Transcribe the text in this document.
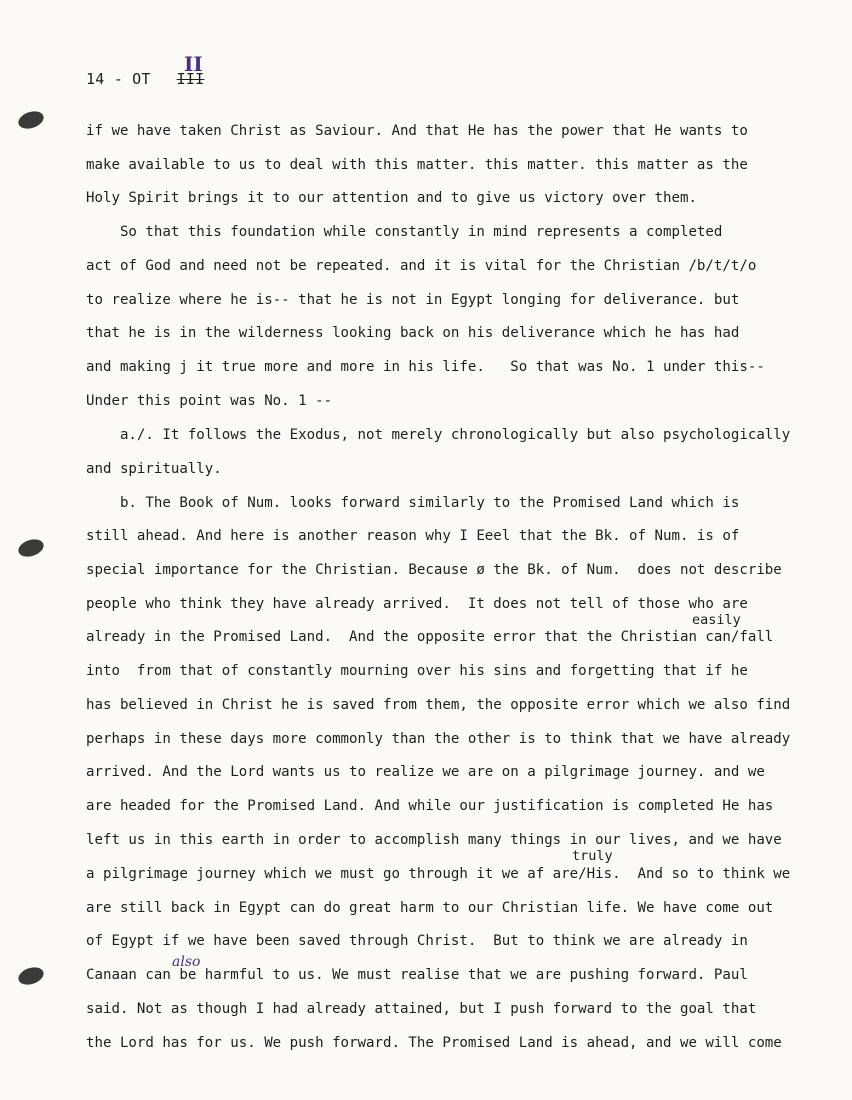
14 - OT III
II
if we have taken Christ as Saviour. And that He has the power that He wants to
make available to us to deal with this matter. this matter. this matter as the
Holy Spirit brings it to our attention and to give us victory over them.
So that this foundation while constantly in mind represents a completed
act of God and need not be repeated. and it is vital for the Christian /b/t/t/o
to realize where he is-- that he is not in Egypt longing for deliverance. but
that he is in the wilderness looking back on his deliverance which he has had
and making j it true more and more in his life.   So that was No. 1 under this--
Under this point was No. 1 --
a./. It follows the Exodus, not merely chronologically but also psychologically
and spiritually.
b. The Book of Num. looks forward similarly to the Promised Land which is
still ahead. And here is another reason why I Eeel that the Bk. of Num. is of
special importance for the Christian. Because ø the Bk. of Num.  does not describe
people who think they have already arrived.  It does not tell of those who are
already in the Promised Land.  And the opposite error that the Christian can/fall
into  from that of constantly mourning over his sins and forgetting that if he
has believed in Christ he is saved from them, the opposite error which we also find
perhaps in these days more commonly than the other is to think that we have already
arrived. And the Lord wants us to realize we are on a pilgrimage journey. and we
are headed for the Promised Land. And while our justification is completed He has
left us in this earth in order to accomplish many things in our lives, and we have
a pilgrimage journey which we must go through it we af are/His.  And so to think we
are still back in Egypt can do great harm to our Christian life. We have come out
of Egypt if we have been saved through Christ.  But to think we are already in
Canaan can be harmful to us. We must realise that we are pushing forward. Paul
said. Not as though I had already attained, but I push forward to the goal that
the Lord has for us. We push forward. The Promised Land is ahead, and we will come
easily
truly
also
